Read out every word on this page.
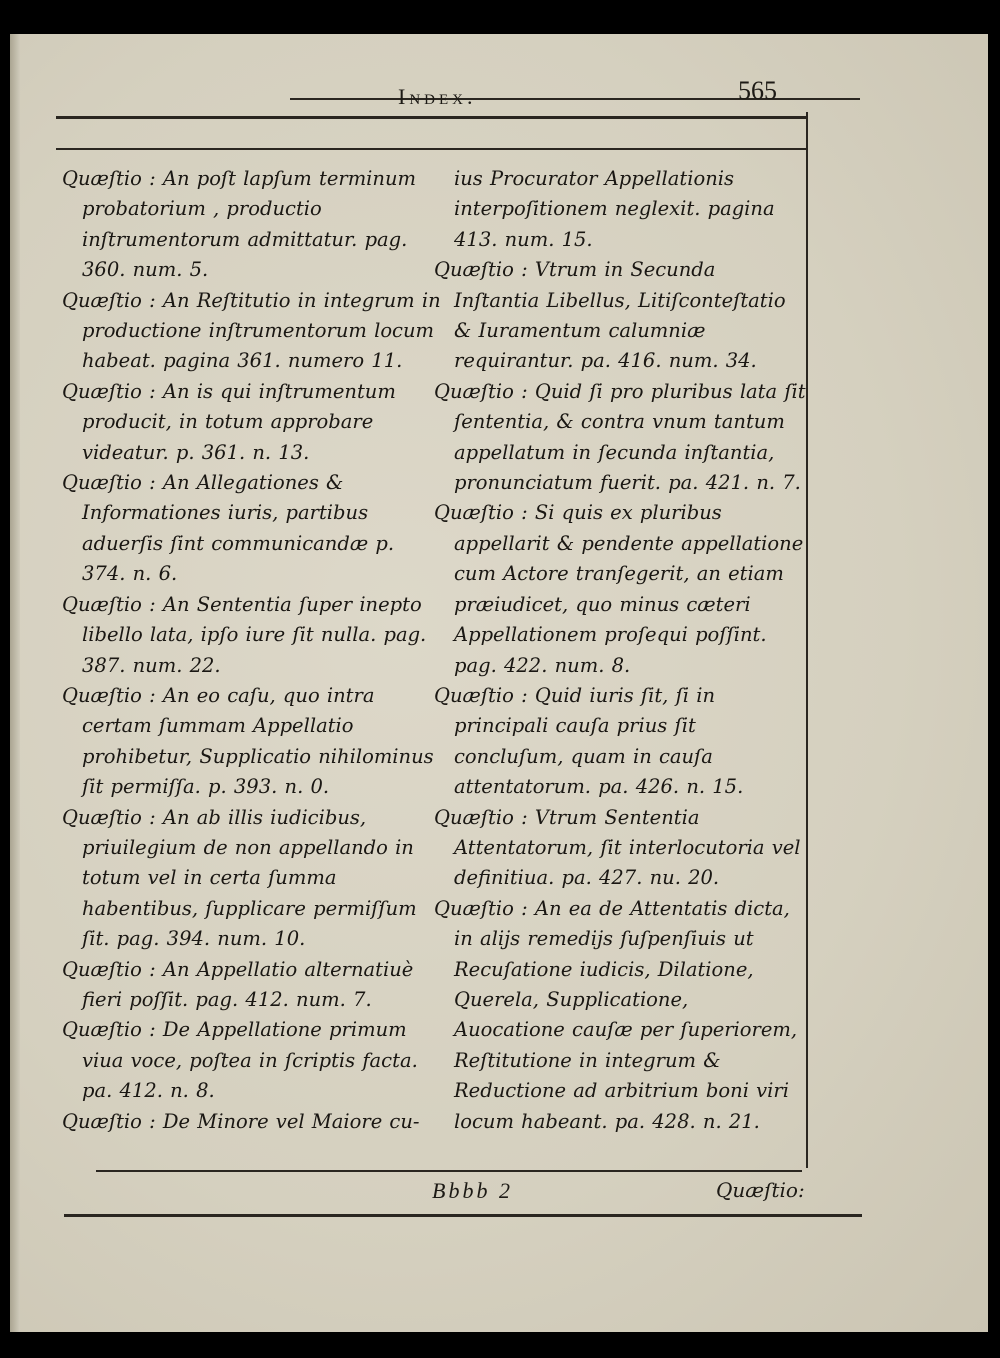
Index.	565

Quæſtio : An poſt lapſum terminum probatorium , productio inſtrumentorum admittatur. pag. 360. num. 5.

Quæſtio : An Reſtitutio in integrum in productione inſtrumentorum locum habeat. pagina 361. numero 11.

Quæſtio : An is qui inſtrumentum producit, in totum approbare videatur. p. 361. n. 13.

Quæſtio : An Allegationes & Informationes iuris, partibus aduerſis ſint communicandæ p. 374. n. 6.

Quæſtio : An Sententia ſuper inepto libello lata, ipſo iure ſit nulla. pag. 387. num. 22.

Quæſtio : An eo caſu, quo intra certam ſummam Appellatio prohibetur, Supplicatio nihilominus ſit permiſſa. p. 393. n. 0.

Quæſtio : An ab illis iudicibus, priuilegium de non appellando in totum vel in certa ſumma habentibus, ſupplicare permiſſum ſit. pag. 394. num. 10.

Quæſtio : An Appellatio alternatiuè fieri poſſit. pag. 412. num. 7.

Quæſtio : De Appellatione primum viua voce, poſtea in ſcriptis facta. pa. 412. n. 8.

Quæſtio : De Minore vel Maiore cu-

ius Procurator Appellationis interpoſitionem neglexit. pagina 413. num. 15.

Quæſtio : Vtrum in Secunda Inſtantia Libellus, Litiſconteſtatio & Iuramentum calumniæ requirantur. pa. 416. num. 34.

Quæſtio : Quid ſi pro pluribus lata ſit ſententia, & contra vnum tantum appellatum in ſecunda inſtantia, pronunciatum fuerit. pa. 421. n. 7.

Quæſtio : Si quis ex pluribus appellarit & pendente appellatione cum Actore tranſegerit, an etiam præiudicet, quo minus cæteri Appellationem proſequi poſſint. pag. 422. num. 8.

Quæſtio : Quid iuris ſit, ſi in principali cauſa prius ſit concluſum, quam in cauſa attentatorum. pa. 426. n. 15.

Quæſtio : Vtrum Sententia Attentatorum, ſit interlocutoria vel definitiua. pa. 427. nu. 20.

Quæſtio : An ea de Attentatis dicta, in alijs remedijs ſuſpenſiuis ut Recuſatione iudicis, Dilatione, Querela, Supplicatione, Auocatione cauſæ per ſuperiorem, Reſtitutione in integrum & Reductione ad arbitrium boni viri locum habeant. pa. 428. n. 21.

Bbbb 2	Quæſtio:
